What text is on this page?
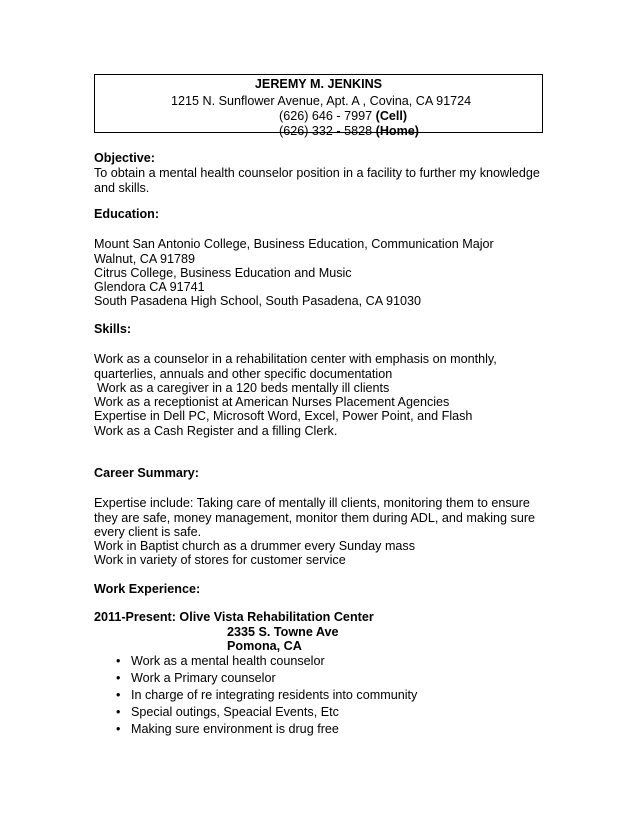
JEREMY M. JENKINS
1215 N. Sunflower Avenue, Apt. A , Covina, CA 91724
(626) 646 - 7997 (Cell)
(626) 332 - 5828 (Home)
Objective:
To obtain a mental health counselor position in a facility to further my knowledge
and skills.
Education:
Mount San Antonio College, Business Education, Communication Major
Walnut, CA 91789
Citrus College, Business Education and Music
Glendora CA 91741
South Pasadena High School, South Pasadena, CA 91030
Skills:
Work as a counselor in a rehabilitation center with emphasis on monthly,
quarterlies, annuals and other specific documentation
Work as a caregiver in a 120 beds mentally ill clients
Work as a receptionist at American Nurses Placement Agencies
Expertise in Dell PC, Microsoft Word, Excel, Power Point, and Flash
Work as a Cash Register and a filling Clerk.
Career Summary:
Expertise include: Taking care of mentally ill clients, monitoring them to ensure
they are safe, money management, monitor them during ADL, and making sure
every client is safe.
Work in Baptist church as a drummer every Sunday mass
Work in variety of stores for customer service
Work Experience:
2011-Present: Olive Vista Rehabilitation Center
2335 S. Towne Ave
Pomona, CA
• Work as a mental health counselor
• Work a Primary counselor
• In charge of re integrating residents into community
• Special outings, Speacial Events, Etc
• Making sure environment is drug free
